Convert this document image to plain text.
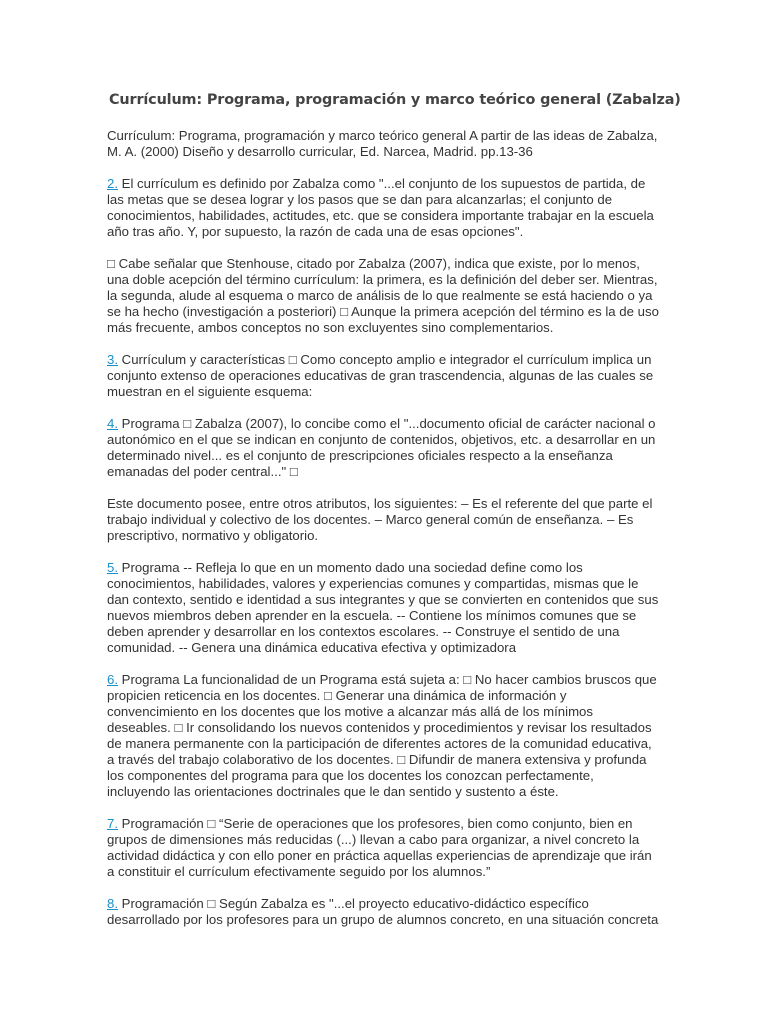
Currículum: Programa, programación y marco teórico general (Zabalza)

Currículum: Programa, programación y marco teórico general A partir de las ideas de Zabalza, M. A. (2000) Diseño y desarrollo curricular, Ed. Narcea, Madrid. pp.13-36

2. El currículum es definido por Zabalza como "...el conjunto de los supuestos de partida, de las metas que se desea lograr y los pasos que se dan para alcanzarlas; el conjunto de conocimientos, habilidades, actitudes, etc. que se considera importante trabajar en la escuela año tras año. Y, por supuesto, la razón de cada una de esas opciones".

□ Cabe señalar que Stenhouse, citado por Zabalza (2007), indica que existe, por lo menos, una doble acepción del término currículum: la primera, es la definición del deber ser. Mientras, la segunda, alude al esquema o marco de análisis de lo que realmente se está haciendo o ya se ha hecho (investigación a posteriori) □ Aunque la primera acepción del término es la de uso más frecuente, ambos conceptos no son excluyentes sino complementarios.

3. Currículum y características □ Como concepto amplio e integrador el currículum implica un conjunto extenso de operaciones educativas de gran trascendencia, algunas de las cuales se muestran en el siguiente esquema:

4. Programa □ Zabalza (2007), lo concibe como el "...documento oficial de carácter nacional o autonómico en el que se indican en conjunto de contenidos, objetivos, etc. a desarrollar en un determinado nivel... es el conjunto de prescripciones oficiales respecto a la enseñanza emanadas del poder central..." □

Este documento posee, entre otros atributos, los siguientes: – Es el referente del que parte el trabajo individual y colectivo de los docentes. – Marco general común de enseñanza. – Es prescriptivo, normativo y obligatorio.

5. Programa -- Refleja lo que en un momento dado una sociedad define como los conocimientos, habilidades, valores y experiencias comunes y compartidas, mismas que le dan contexto, sentido e identidad a sus integrantes y que se convierten en contenidos que sus nuevos miembros deben aprender en la escuela. -- Contiene los mínimos comunes que se deben aprender y desarrollar en los contextos escolares. -- Construye el sentido de una comunidad. -- Genera una dinámica educativa efectiva y optimizadora

6. Programa La funcionalidad de un Programa está sujeta a: □ No hacer cambios bruscos que propicien reticencia en los docentes. □ Generar una dinámica de información y convencimiento en los docentes que los motive a alcanzar más allá de los mínimos deseables. □ Ir consolidando los nuevos contenidos y procedimientos y revisar los resultados de manera permanente con la participación de diferentes actores de la comunidad educativa, a través del trabajo colaborativo de los docentes. □ Difundir de manera extensiva y profunda los componentes del programa para que los docentes los conozcan perfectamente, incluyendo las orientaciones doctrinales que le dan sentido y sustento a éste.

7. Programación □ “Serie de operaciones que los profesores, bien como conjunto, bien en grupos de dimensiones más reducidas (...) llevan a cabo para organizar, a nivel concreto la actividad didáctica y con ello poner en práctica aquellas experiencias de aprendizaje que irán a constituir el currículum efectivamente seguido por los alumnos.”

8. Programación □ Según Zabalza es "...el proyecto educativo-didáctico específico desarrollado por los profesores para un grupo de alumnos concreto, en una situación concreta
